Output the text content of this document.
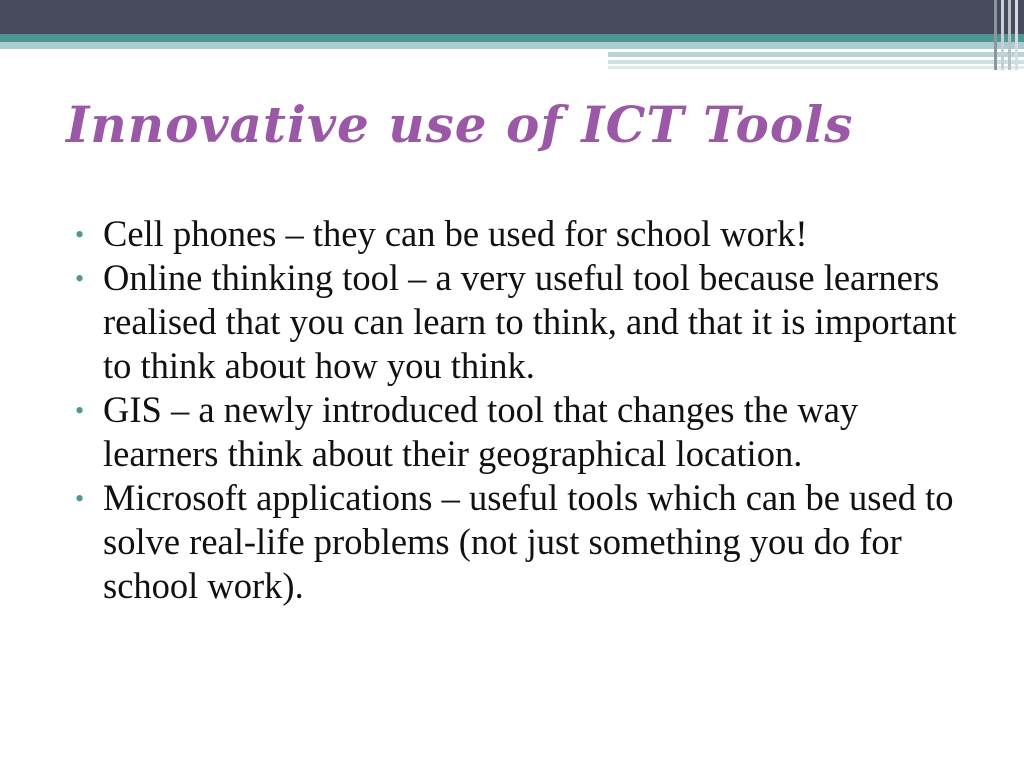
Innovative use of ICT Tools
• Cell phones – they can be used for school work!
• Online thinking tool – a very useful tool because learners realised that you can learn to think, and that it is important to think about how you think.
• GIS – a newly introduced tool that changes the way learners think about their geographical location.
• Microsoft applications – useful tools which can be used to solve real-life problems (not just something you do for school work).
